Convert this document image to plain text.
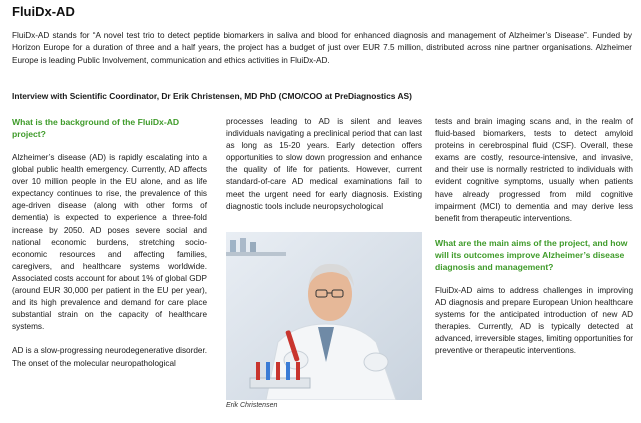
FluiDx-AD
FluiDx-AD stands for “A novel test trio to detect peptide biomarkers in saliva and blood for enhanced diagnosis and management of Alzheimer’s Disease”. Funded by Horizon Europe for a duration of three and a half years, the project has a budget of just over EUR 7.5 million, distributed across nine partner organisations. Alzheimer Europe is leading Public Involvement, communication and ethics activities in FluiDx-AD.
Interview with Scientific Coordinator, Dr Erik Christensen, MD PhD (CMO/COO at PreDiagnostics AS)

What is the background of the FluiDx-AD project?

Alzheimer’s disease (AD) is rapidly escalating into a global public health emergency. Currently, AD affects over 10 million people in the EU alone, and as life expectancy continues to rise, the prevalence of this age-driven disease (along with other forms of dementia) is expected to experience a three-fold increase by 2050. AD poses severe social and national economic burdens, stretching socio-economic resources and affecting families, caregivers, and healthcare systems worldwide. Associated costs account for about 1% of global GDP (around EUR 30,000 per patient in the EU per year), and its high prevalence and demand for care place substantial strain on the capacity of healthcare systems.

AD is a slow-progressing neurodegenerative disorder. The onset of the molecular neuropathological

processes leading to AD is silent and leaves individuals navigating a preclinical period that can last as long as 15-20 years. Early detection offers opportunities to slow down progression and enhance the quality of life for patients. However, current standard-of-care AD medical examinations fail to meet the urgent need for early diagnosis. Existing diagnostic tools include neuropsychological

Erik Christensen

tests and brain imaging scans and, in the realm of fluid-based biomarkers, tests to detect amyloid proteins in cerebrospinal fluid (CSF). Overall, these exams are costly, resource-intensive, and invasive, and their use is normally restricted to individuals with evident cognitive symptoms, usually when patients have already progressed from mild cognitive impairment (MCI) to dementia and may derive less benefit from therapeutic interventions.

What are the main aims of the project, and how will its outcomes improve Alzheimer’s disease diagnosis and management?

FluiDx-AD aims to address challenges in improving AD diagnosis and prepare European Union healthcare systems for the anticipated introduction of new AD therapies. Currently, AD is typically detected at advanced, irreversible stages, limiting opportunities for preventive or therapeutic interventions.
